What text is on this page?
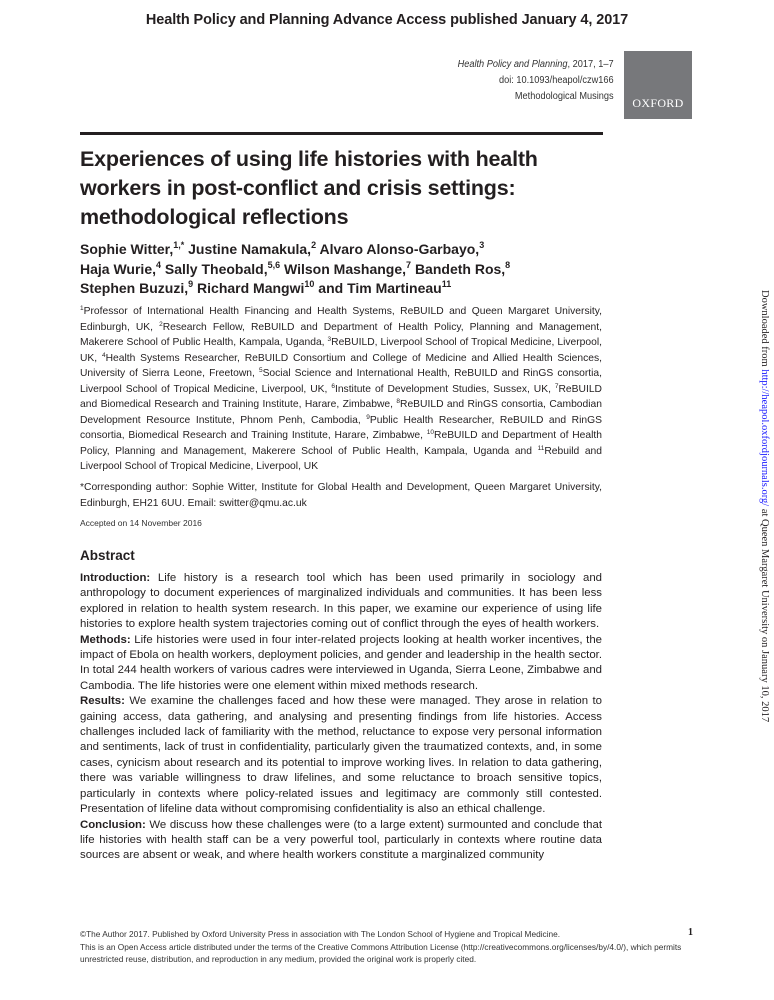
Health Policy and Planning Advance Access published January 4, 2017
Health Policy and Planning, 2017, 1–7
doi: 10.1093/heapol/czw166
Methodological Musings	OXFORD
Experiences of using life histories with health workers in post-conflict and crisis settings: methodological reflections
Sophie Witter,$^{1,*}$ Justine Namakula,$^2$ Alvaro Alonso-Garbayo,$^3$
Haja Wurie,$^4$ Sally Theobald,$^{5,6}$ Wilson Mashange,$^7$ Bandeth Ros,$^8$
Stephen Buzuzi,$^9$ Richard Mangwi$^{10}$ and Tim Martineau$^{11}$
$^1$Professor of International Health Financing and Health Systems, ReBUILD and Queen Margaret University, Edinburgh, UK, $^2$Research Fellow, ReBUILD and Department of Health Policy, Planning and Management, Makerere School of Public Health, Kampala, Uganda, $^3$ReBUILD, Liverpool School of Tropical Medicine, Liverpool, UK, $^4$Health Systems Researcher, ReBUILD Consortium and College of Medicine and Allied Health Sciences, University of Sierra Leone, Freetown, $^5$Social Science and International Health, ReBUILD and RinGS consortia, Liverpool School of Tropical Medicine, Liverpool, UK, $^6$Institute of Development Studies, Sussex, UK, $^7$ReBUILD and Biomedical Research and Training Institute, Harare, Zimbabwe, $^8$ReBUILD and RinGS consortia, Cambodian Development Resource Institute, Phnom Penh, Cambodia, $^9$Public Health Researcher, ReBUILD and RinGS consortia, Biomedical Research and Training Institute, Harare, Zimbabwe, $^{10}$ReBUILD and Department of Health Policy, Planning and Management, Makerere School of Public Health, Kampala, Uganda and $^{11}$Rebuild and Liverpool School of Tropical Medicine, Liverpool, UK
*Corresponding author: Sophie Witter, Institute for Global Health and Development, Queen Margaret University, Edinburgh, EH21 6UU. Email: switter@qmu.ac.uk
Accepted on 14 November 2016
Abstract

Introduction: Life history is a research tool which has been used primarily in sociology and anthropology to document experiences of marginalized individuals and communities. It has been less explored in relation to health system research. In this paper, we examine our experience of using life histories to explore health system trajectories coming out of conflict through the eyes of health workers.

Methods: Life histories were used in four inter-related projects looking at health worker incentives, the impact of Ebola on health workers, deployment policies, and gender and leadership in the health sector. In total 244 health workers of various cadres were interviewed in Uganda, Sierra Leone, Zimbabwe and Cambodia. The life histories were one element within mixed methods research.

Results: We examine the challenges faced and how these were managed. They arose in relation to gaining access, data gathering, and analysing and presenting findings from life histories. Access challenges included lack of familiarity with the method, reluctance to expose very personal information and sentiments, lack of trust in confidentiality, particularly given the traumatized contexts, and, in some cases, cynicism about research and its potential to improve working lives. In relation to data gathering, there was variable willingness to draw lifelines, and some reluctance to broach sensitive topics, particularly in contexts where policy-related issues and legitimacy are commonly still contested. Presentation of lifeline data without compromising confidentiality is also an ethical challenge.

Conclusion: We discuss how these challenges were (to a large extent) surmounted and conclude that life histories with health staff can be a very powerful tool, particularly in contexts where routine data sources are absent or weak, and where health workers constitute a marginalized community

©The Author 2017. Published by Oxford University Press in association with The London School of Hygiene and Tropical Medicine.	1
This is an Open Access article distributed under the terms of the Creative Commons Attribution License (http://creativecommons.org/licenses/by/4.0/), which permits unrestricted reuse, distribution, and reproduction in any medium, provided the original work is properly cited.
Downloaded from http://heapol.oxfordjournals.org/ at Queen Margaret University on January 10, 2017
